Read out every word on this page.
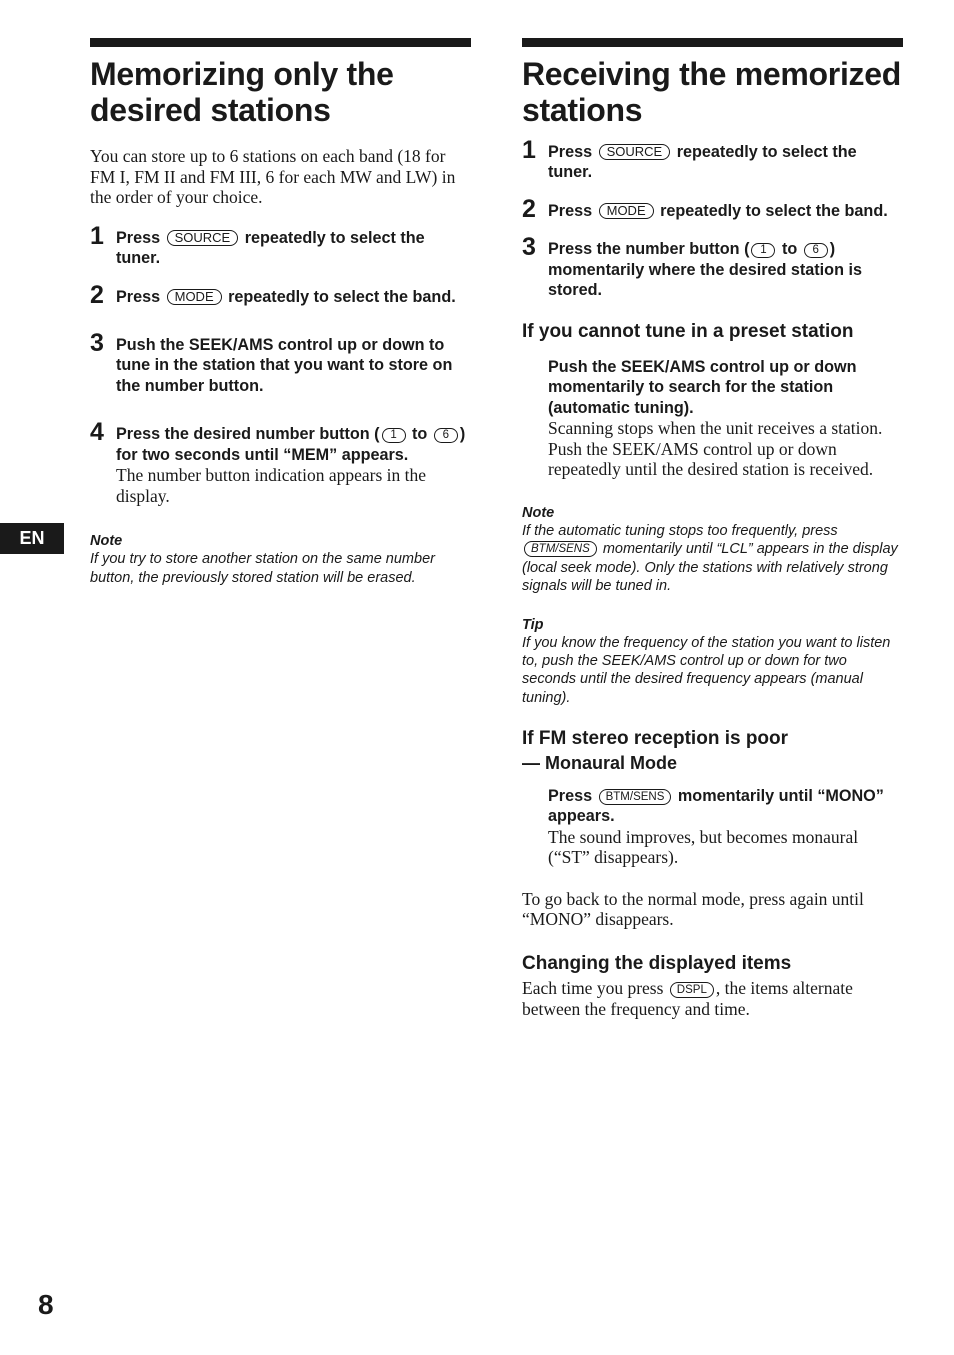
Memorizing only the desired stations

You can store up to 6 stations on each band (18 for FM I, FM II and FM III, 6 for each MW and LW) in the order of your choice.

1 Press SOURCE repeatedly to select the tuner.

2 Press MODE repeatedly to select the band.

3 Push the SEEK/AMS control up or down to tune in the station that you want to store on the number button.

4 Press the desired number button ( 1 to 6 ) for two seconds until “MEM” appears.

The number button indication appears in the display.

Note

If you try to store another station on the same number button, the previously stored station will be erased.

Receiving the memorized stations
1 Press SOURCE repeatedly to select the tuner.

2 Press MODE repeatedly to select the band.

3 Press the number button ( 1 to 6 ) momentarily where the desired station is stored.

If you cannot tune in a preset station

Push the SEEK/AMS control up or down momentarily to search for the station (automatic tuning).

Scanning stops when the unit receives a station. Push the SEEK/AMS control up or down repeatedly until the desired station is received.

Note

If the automatic tuning stops too frequently, press BTM/SENS momentarily until “LCL” appears in the display (local seek mode). Only the stations with relatively strong signals will be tuned in.

Tip

If you know the frequency of the station you want to listen to, push the SEEK/AMS control up or down for two seconds until the desired frequency appears (manual tuning).

If FM stereo reception is poor

— Monaural Mode

Press BTM/SENS momentarily until “MONO” appears.

The sound improves, but becomes monaural (“ST” disappears).

To go back to the normal mode, press again until “MONO” disappears.

Changing the displayed items

Each time you press DSPL , the items alternate between the frequency and time.

EN
8
